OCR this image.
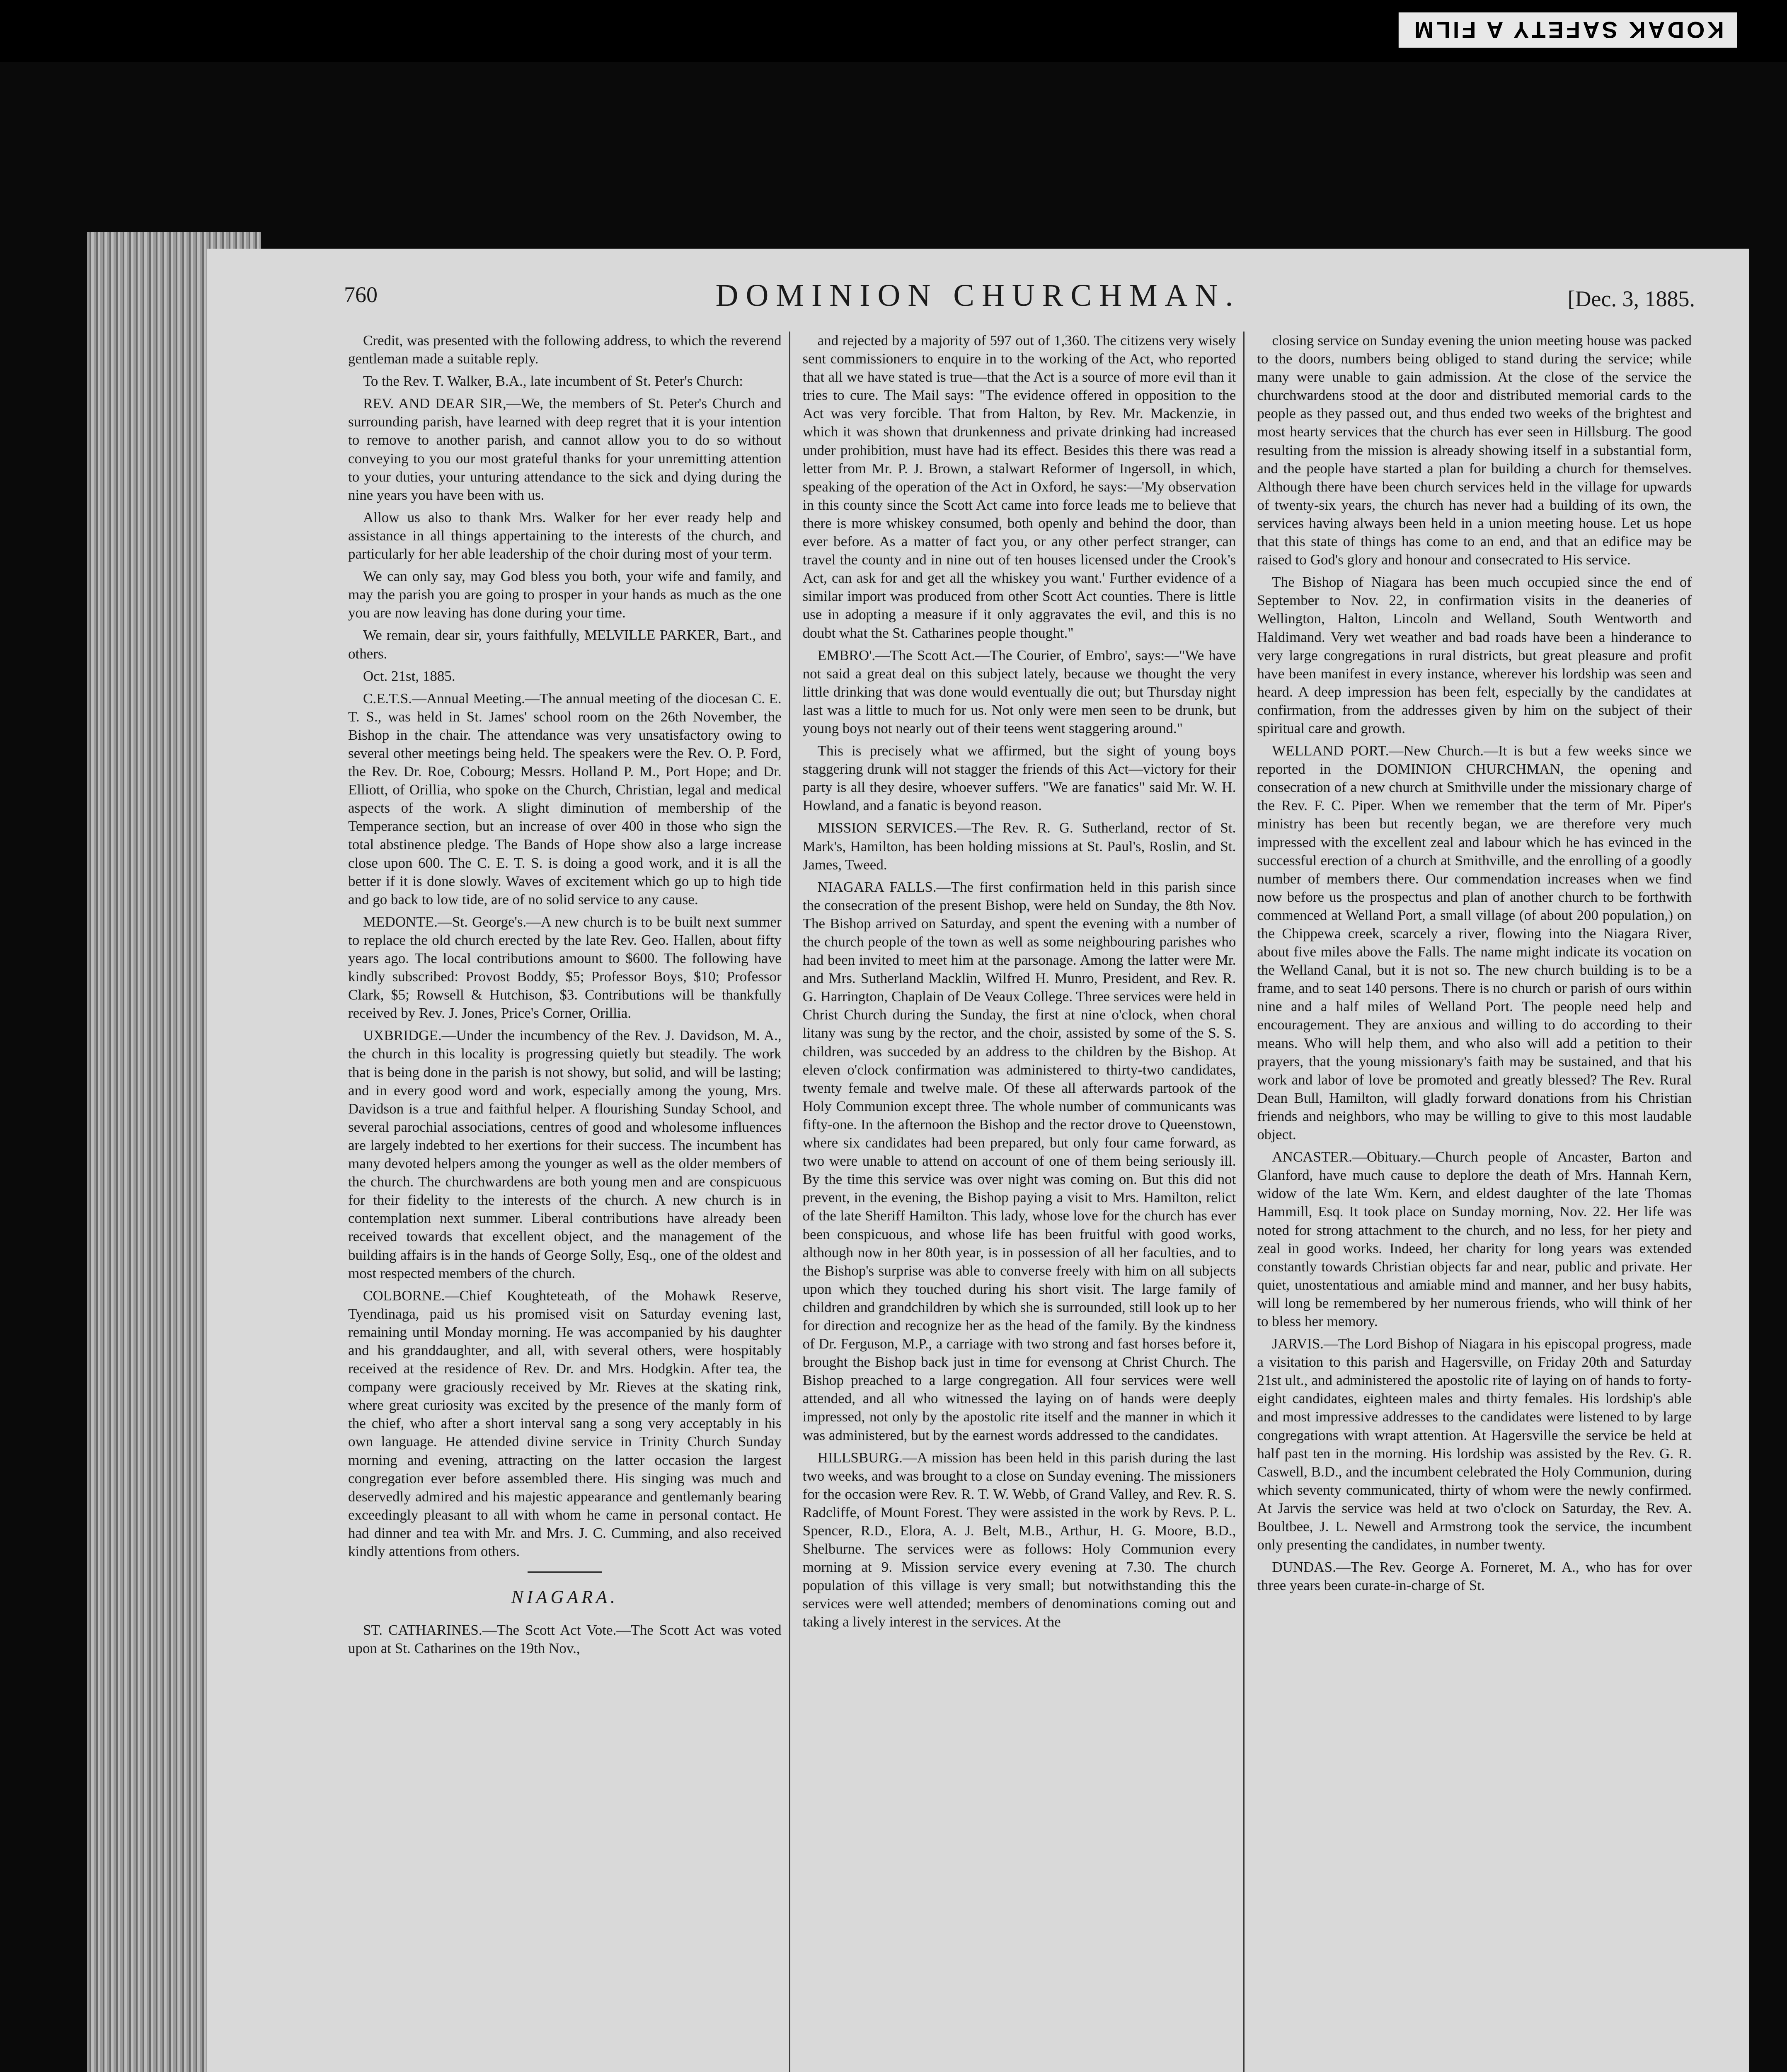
KODAK SAFETY A FILM
760	DOMINION CHURCHMAN.	[Dec. 3, 1885.

Credit, was presented with the following address, to which the reverend gentleman made a suitable reply.

To the Rev. T. Walker, B.A., late incumbent of St. Peter's Church:

REV. AND DEAR SIR,—We, the members of St. Peter's Church and surrounding parish, have learned with deep regret that it is your intention to remove to another parish, and cannot allow you to do so without conveying to you our most grateful thanks for your unremitting attention to your duties, your unturing attendance to the sick and dying during the nine years you have been with us.

Allow us also to thank Mrs. Walker for her ever ready help and assistance in all things appertaining to the interests of the church, and particularly for her able leadership of the choir during most of your term.

We can only say, may God bless you both, your wife and family, and may the parish you are going to prosper in your hands as much as the one you are now leaving has done during your time.

We remain, dear sir, yours faithfully, MELVILLE PARKER, Bart., and others.

Oct. 21st, 1885.

C.E.T.S.—Annual Meeting.—The annual meeting of the diocesan C. E. T. S., was held in St. James' school room on the 26th November, the Bishop in the chair. The attendance was very unsatisfactory owing to several other meetings being held. The speakers were the Rev. O. P. Ford, the Rev. Dr. Roe, Cobourg; Messrs. Holland P. M., Port Hope; and Dr. Elliott, of Orillia, who spoke on the Church, Christian, legal and medical aspects of the work. A slight diminution of membership of the Temperance section, but an increase of over 400 in those who sign the total abstinence pledge. The Bands of Hope show also a large increase close upon 600. The C. E. T. S. is doing a good work, and it is all the better if it is done slowly. Waves of excitement which go up to high tide and go back to low tide, are of no solid service to any cause.

MEDONTE.—St. George's.—A new church is to be built next summer to replace the old church erected by the late Rev. Geo. Hallen, about fifty years ago. The local contributions amount to $600. The following have kindly subscribed: Provost Boddy, $5; Professor Boys, $10; Professor Clark, $5; Rowsell & Hutchison, $3. Contributions will be thankfully received by Rev. J. Jones, Price's Corner, Orillia.

UXBRIDGE.—Under the incumbency of the Rev. J. Davidson, M. A., the church in this locality is progressing quietly but steadily. The work that is being done in the parish is not showy, but solid, and will be lasting; and in every good word and work, especially among the young, Mrs. Davidson is a true and faithful helper. A flourishing Sunday School, and several parochial associations, centres of good and wholesome influences are largely indebted to her exertions for their success. The incumbent has many devoted helpers among the younger as well as the older members of the church. The churchwardens are both young men and are conspicuous for their fidelity to the interests of the church. A new church is in contemplation next summer. Liberal contributions have already been received towards that excellent object, and the management of the building affairs is in the hands of George Solly, Esq., one of the oldest and most respected members of the church.

COLBORNE.—Chief Koughteteath, of the Mohawk Reserve, Tyendinaga, paid us his promised visit on Saturday evening last, remaining until Monday morning. He was accompanied by his daughter and his granddaughter, and all, with several others, were hospitably received at the residence of Rev. Dr. and Mrs. Hodgkin. After tea, the company were graciously received by Mr. Rieves at the skating rink, where great curiosity was excited by the presence of the manly form of the chief, who after a short interval sang a song very acceptably in his own language. He attended divine service in Trinity Church Sunday morning and evening, attracting on the latter occasion the largest congregation ever before assembled there. His singing was much and deservedly admired and his majestic appearance and gentlemanly bearing exceedingly pleasant to all with whom he came in personal contact. He had dinner and tea with Mr. and Mrs. J. C. Cumming, and also received kindly attentions from others.

NIAGARA.

ST. CATHARINES.—The Scott Act Vote.—The Scott Act was voted upon at St. Catharines on the 19th Nov.,

and rejected by a majority of 597 out of 1,360. The citizens very wisely sent commissioners to enquire in to the working of the Act, who reported that all we have stated is true—that the Act is a source of more evil than it tries to cure. The Mail says: "The evidence offered in opposition to the Act was very forcible. That from Halton, by Rev. Mr. Mackenzie, in which it was shown that drunkenness and private drinking had increased under prohibition, must have had its effect. Besides this there was read a letter from Mr. P. J. Brown, a stalwart Reformer of Ingersoll, in which, speaking of the operation of the Act in Oxford, he says:—'My observation in this county since the Scott Act came into force leads me to believe that there is more whiskey consumed, both openly and behind the door, than ever before. As a matter of fact you, or any other perfect stranger, can travel the county and in nine out of ten houses licensed under the Crook's Act, can ask for and get all the whiskey you want.' Further evidence of a similar import was produced from other Scott Act counties. There is little use in adopting a measure if it only aggravates the evil, and this is no doubt what the St. Catharines people thought."

EMBRO'.—The Scott Act.—The Courier, of Embro', says:—"We have not said a great deal on this subject lately, because we thought the very little drinking that was done would eventually die out; but Thursday night last was a little to much for us. Not only were men seen to be drunk, but young boys not nearly out of their teens went staggering around."

This is precisely what we affirmed, but the sight of young boys staggering drunk will not stagger the friends of this Act—victory for their party is all they desire, whoever suffers. "We are fanatics" said Mr. W. H. Howland, and a fanatic is beyond reason.

MISSION SERVICES.—The Rev. R. G. Sutherland, rector of St. Mark's, Hamilton, has been holding missions at St. Paul's, Roslin, and St. James, Tweed.

NIAGARA FALLS.—The first confirmation held in this parish since the consecration of the present Bishop, were held on Sunday, the 8th Nov. The Bishop arrived on Saturday, and spent the evening with a number of the church people of the town as well as some neighbouring parishes who had been invited to meet him at the parsonage. Among the latter were Mr. and Mrs. Sutherland Macklin, Wilfred H. Munro, President, and Rev. R. G. Harrington, Chaplain of De Veaux College. Three services were held in Christ Church during the Sunday, the first at nine o'clock, when choral litany was sung by the rector, and the choir, assisted by some of the S. S. children, was succeded by an address to the children by the Bishop. At eleven o'clock confirmation was administered to thirty-two candidates, twenty female and twelve male. Of these all afterwards partook of the Holy Communion except three. The whole number of communicants was fifty-one. In the afternoon the Bishop and the rector drove to Queenstown, where six candidates had been prepared, but only four came forward, as two were unable to attend on account of one of them being seriously ill. By the time this service was over night was coming on. But this did not prevent, in the evening, the Bishop paying a visit to Mrs. Hamilton, relict of the late Sheriff Hamilton. This lady, whose love for the church has ever been conspicuous, and whose life has been fruitful with good works, although now in her 80th year, is in possession of all her faculties, and to the Bishop's surprise was able to converse freely with him on all subjects upon which they touched during his short visit. The large family of children and grandchildren by which she is surrounded, still look up to her for direction and recognize her as the head of the family. By the kindness of Dr. Ferguson, M.P., a carriage with two strong and fast horses before it, brought the Bishop back just in time for evensong at Christ Church. The Bishop preached to a large congregation. All four services were well attended, and all who witnessed the laying on of hands were deeply impressed, not only by the apostolic rite itself and the manner in which it was administered, but by the earnest words addressed to the candidates.

HILLSBURG.—A mission has been held in this parish during the last two weeks, and was brought to a close on Sunday evening. The missioners for the occasion were Rev. R. T. W. Webb, of Grand Valley, and Rev. R. S. Radcliffe, of Mount Forest. They were assisted in the work by Revs. P. L. Spencer, R.D., Elora, A. J. Belt, M.B., Arthur, H. G. Moore, B.D., Shelburne. The services were as follows: Holy Communion every morning at 9. Mission service every evening at 7.30. The church population of this village is very small; but notwithstanding this the services were well attended; members of denominations coming out and taking a lively interest in the services. At the

closing service on Sunday evening the union meeting house was packed to the doors, numbers being obliged to stand during the service; while many were unable to gain admission. At the close of the service the churchwardens stood at the door and distributed memorial cards to the people as they passed out, and thus ended two weeks of the brightest and most hearty services that the church has ever seen in Hillsburg. The good resulting from the mission is already showing itself in a substantial form, and the people have started a plan for building a church for themselves. Although there have been church services held in the village for upwards of twenty-six years, the church has never had a building of its own, the services having always been held in a union meeting house. Let us hope that this state of things has come to an end, and that an edifice may be raised to God's glory and honour and consecrated to His service.

The Bishop of Niagara has been much occupied since the end of September to Nov. 22, in confirmation visits in the deaneries of Wellington, Halton, Lincoln and Welland, South Wentworth and Haldimand. Very wet weather and bad roads have been a hinderance to very large congregations in rural districts, but great pleasure and profit have been manifest in every instance, wherever his lordship was seen and heard. A deep impression has been felt, especially by the candidates at confirmation, from the addresses given by him on the subject of their spiritual care and growth.

WELLAND PORT.—New Church.—It is but a few weeks since we reported in the DOMINION CHURCHMAN, the opening and consecration of a new church at Smithville under the missionary charge of the Rev. F. C. Piper. When we remember that the term of Mr. Piper's ministry has been but recently began, we are therefore very much impressed with the excellent zeal and labour which he has evinced in the successful erection of a church at Smithville, and the enrolling of a goodly number of members there. Our commendation increases when we find now before us the prospectus and plan of another church to be forthwith commenced at Welland Port, a small village (of about 200 population,) on the Chippewa creek, scarcely a river, flowing into the Niagara River, about five miles above the Falls. The name might indicate its vocation on the Welland Canal, but it is not so. The new church building is to be a frame, and to seat 140 persons. There is no church or parish of ours within nine and a half miles of Welland Port. The people need help and encouragement. They are anxious and willing to do according to their means. Who will help them, and who also will add a petition to their prayers, that the young missionary's faith may be sustained, and that his work and labor of love be promoted and greatly blessed? The Rev. Rural Dean Bull, Hamilton, will gladly forward donations from his Christian friends and neighbors, who may be willing to give to this most laudable object.

ANCASTER.—Obituary.—Church people of Ancaster, Barton and Glanford, have much cause to deplore the death of Mrs. Hannah Kern, widow of the late Wm. Kern, and eldest daughter of the late Thomas Hammill, Esq. It took place on Sunday morning, Nov. 22. Her life was noted for strong attachment to the church, and no less, for her piety and zeal in good works. Indeed, her charity for long years was extended constantly towards Christian objects far and near, public and private. Her quiet, unostentatious and amiable mind and manner, and her busy habits, will long be remembered by her numerous friends, who will think of her to bless her memory.

JARVIS.—The Lord Bishop of Niagara in his episcopal progress, made a visitation to this parish and Hagersville, on Friday 20th and Saturday 21st ult., and administered the apostolic rite of laying on of hands to forty-eight candidates, eighteen males and thirty females. His lordship's able and most impressive addresses to the candidates were listened to by large congregations with wrapt attention. At Hagersville the service be held at half past ten in the morning. His lordship was assisted by the Rev. G. R. Caswell, B.D., and the incumbent celebrated the Holy Communion, during which seventy communicated, thirty of whom were the newly confirmed. At Jarvis the service was held at two o'clock on Saturday, the Rev. A. Boultbee, J. L. Newell and Armstrong took the service, the incumbent only presenting the candidates, in number twenty.

DUNDAS.—The Rev. George A. Forneret, M. A., who has for over three years been curate-in-charge of St.
